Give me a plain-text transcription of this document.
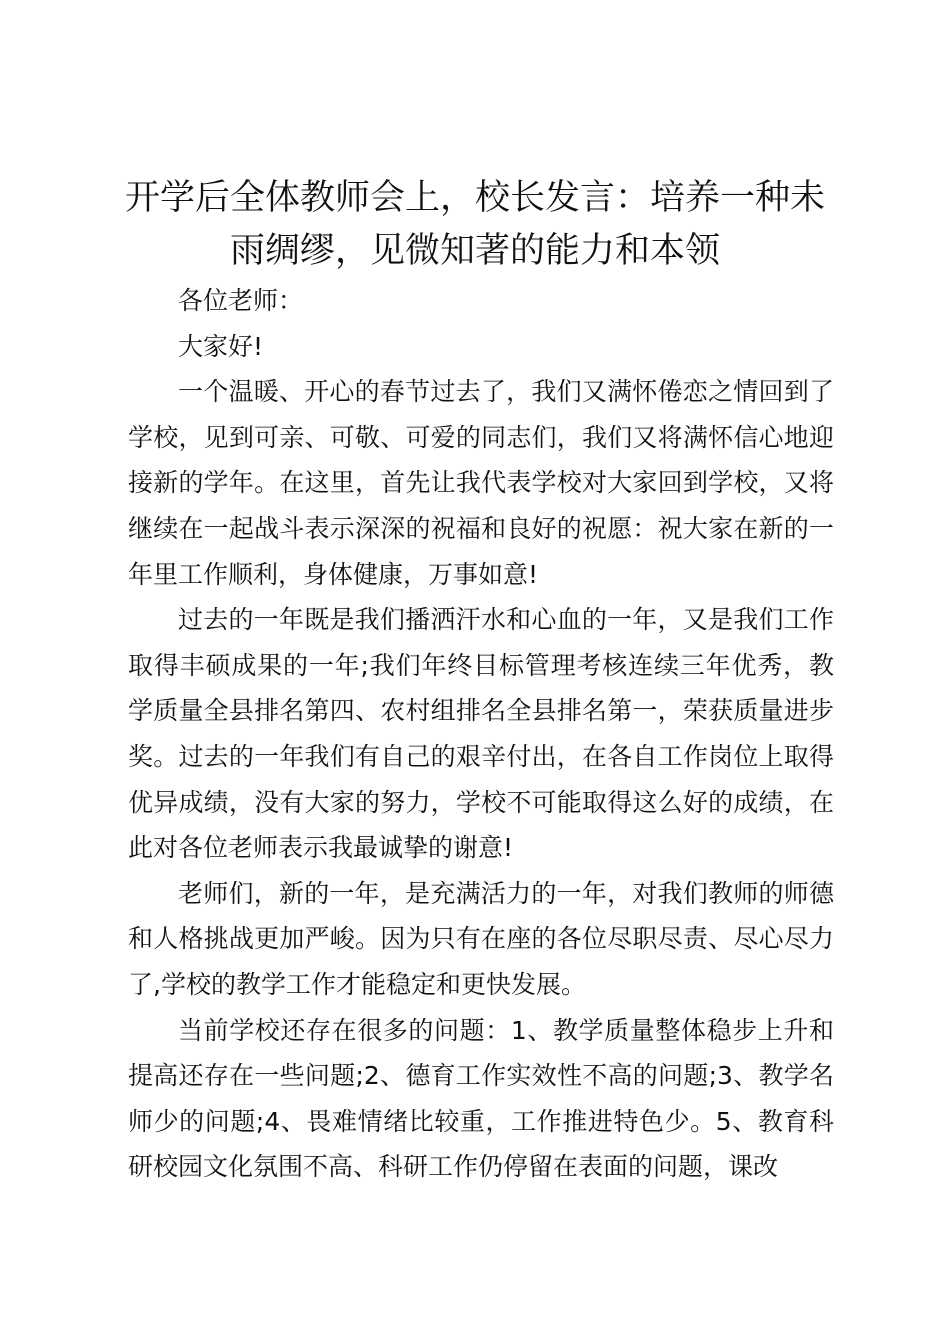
开学后全体教师会上，校长发言：培养一种未
雨绸缪，见微知著的能力和本领

各位老师：

大家好!

一个温暖、开心的春节过去了，我们又满怀倦恋之情回到了学校，见到可亲、可敬、可爱的同志们，我们又将满怀信心地迎接新的学年。在这里，首先让我代表学校对大家回到学校，又将继续在一起战斗表示深深的祝福和良好的祝愿：祝大家在新的一年里工作顺利，身体健康，万事如意!

过去的一年既是我们播洒汗水和心血的一年，又是我们工作取得丰硕成果的一年;我们年终目标管理考核连续三年优秀，教学质量全县排名第四、农村组排名全县排名第一，荣获质量进步奖。过去的一年我们有自己的艰辛付出，在各自工作岗位上取得优异成绩，没有大家的努力，学校不可能取得这么好的成绩，在此对各位老师表示我最诚挚的谢意!

老师们，新的一年，是充满活力的一年，对我们教师的师德和人格挑战更加严峻。因为只有在座的各位尽职尽责、尽心尽力了,学校的教学工作才能稳定和更快发展。

当前学校还存在很多的问题：1、教学质量整体稳步上升和提高还存在一些问题;2、德育工作实效性不高的问题;3、教学名师少的问题;4、畏难情绪比较重，工作推进特色少。5、教育科研校园文化氛围不高、科研工作仍停留在表面的问题，课改
